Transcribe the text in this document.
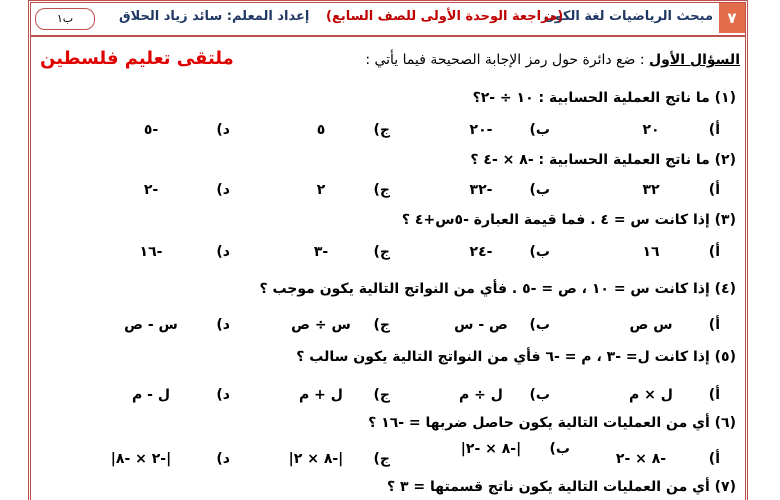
٧
مبحث الرياضيات لغة الكون
(مراجعة الوحدة الأولى للصف السابع)
إعداد المعلم: سائد زياد الحلاق
ب١
السؤال الأول : ضع دائرة حول رمز الإجابة الصحيحة فيما يأتي :
ملتقى تعليم فلسطين
(١) ما ناتج العملية الحسابية : ١٠ ÷ -٢؟
أ)٢٠
ب)-٢٠
ج)٥
د)-٥
(٢) ما ناتج العملية الحسابية : -٨ × -٤ ؟
أ)٣٢
ب)-٣٢
ج)٢
د)-٢
(٣) إذا كانت س = ٤ . فما قيمة العبارة -٥س+٤ ؟
أ)١٦
ب)-٢٤
ج)-٣
د)-١٦
(٤) إذا كانت س = ١٠ ، ص = -٥ . فأي من النواتج التالية يكون موجب ؟
أ)س ص
ب)ص - س
ج)س ÷ ص
د)س - ص
(٥) إذا كانت ل= -٣ ، م = -٦ فأي من النواتج التالية يكون سالب ؟
أ)ل × م
ب)ل ÷ م
ج)ل + م
د)ل - م
(٦) أي من العمليات التالية يكون حاصل ضربها = -١٦ ؟
أ)-٨ × -٢
ب)|-٨ × -٢|
ج)|-٨ × ٢|
د)|-٢ × -٨|
(٧) أي من العمليات التالية يكون ناتج قسمتها = ٣ ؟
